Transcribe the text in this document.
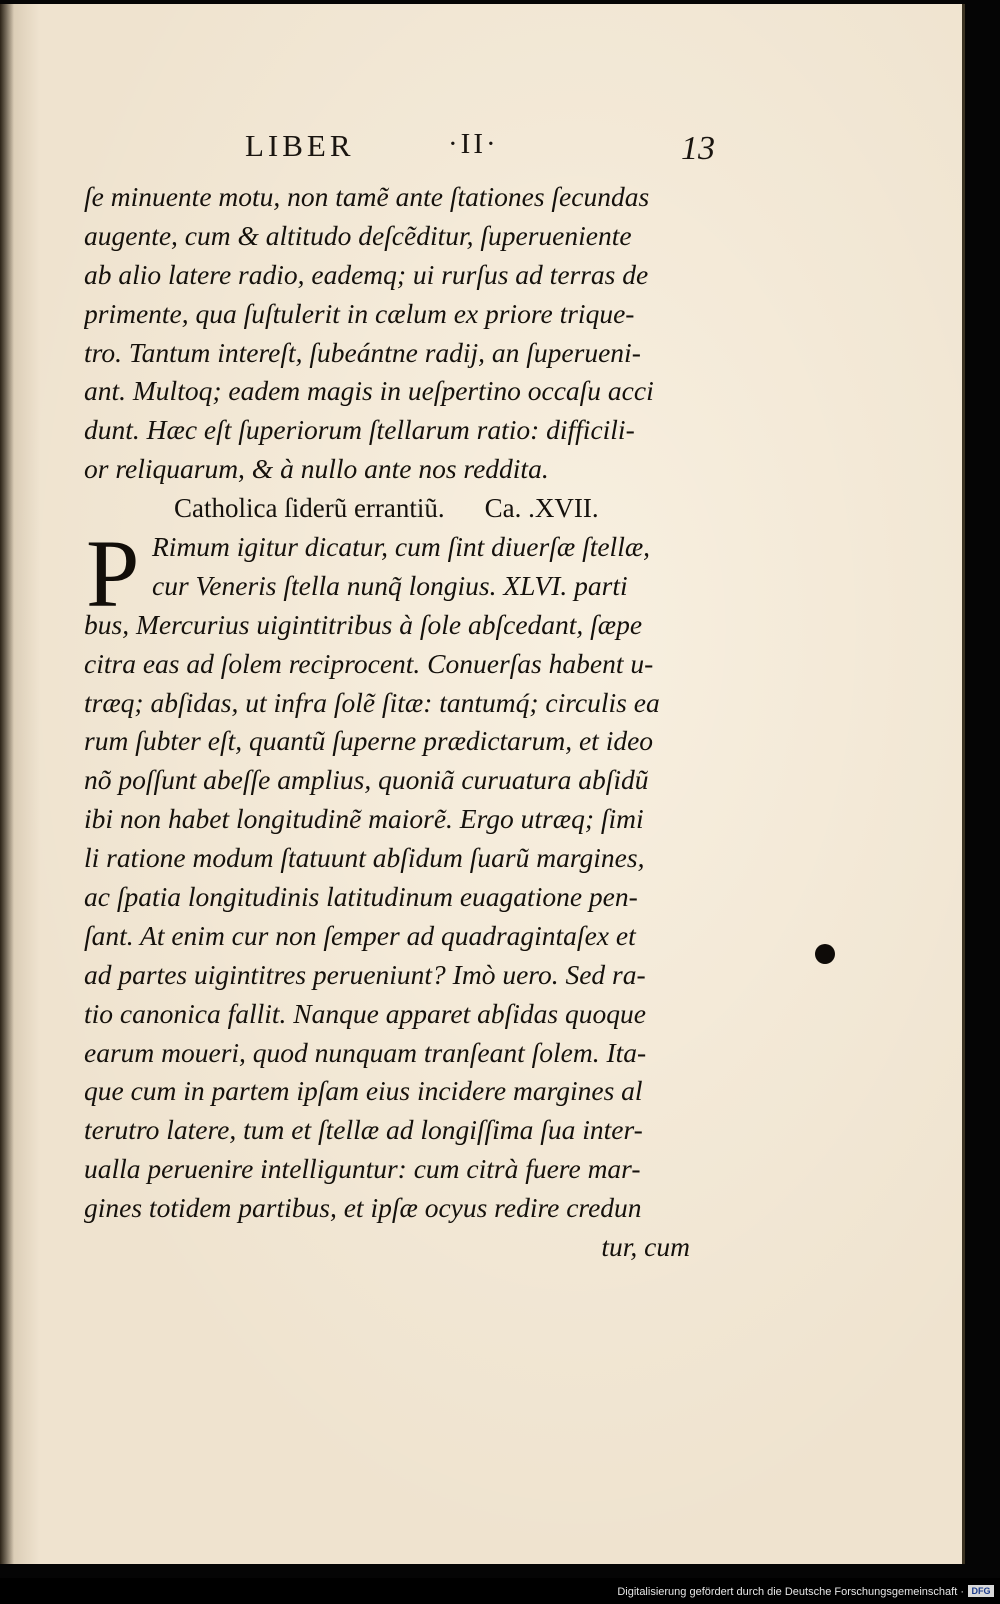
LIBER	·II·	13
P
ſe minuente motu, non tamẽ ante ſtationes ſecundas
augente, cum & altitudo deſcẽditur, ſuperueniente
ab alio latere radio, eademq; ui rurſus ad terras de
primente, qua ſuſtulerit in cælum ex priore trique-
tro. Tantum intereſt, ſubeántne radij, an ſuperueni-
ant. Multoq; eadem magis in ueſpertino occaſu acci
dunt. Hæc eſt ſuperiorum ſtellarum ratio: difficili-
or reliquarum, & à nullo ante nos reddita.
Catholica ſiderũ errantiũ. Ca. .XVII.
Rimum igitur dicatur, cum ſint diuerſæ ſtellæ,
cur Veneris ſtella nunq̃ longius. XLVI. parti
bus, Mercurius uigintitribus à ſole abſcedant, ſæpe
citra eas ad ſolem reciprocent. Conuerſas habent u-
træq; abſidas, ut infra ſolẽ ſitæ: tantumq́; circulis ea
rum ſubter eſt, quantũ ſuperne prædictarum, et ideo
nõ poſſunt abeſſe amplius, quoniã curuatura abſidũ
ibi non habet longitudinẽ maiorẽ. Ergo utræq; ſimi
li ratione modum ſtatuunt abſidum ſuarũ margines,
ac ſpatia longitudinis latitudinum euagatione pen-
ſant. At enim cur non ſemper ad quadragintaſex et
ad partes uigintitres perueniunt? Imò uero. Sed ra-
tio canonica fallit. Nanque apparet abſidas quoque
earum moueri, quod nunquam tranſeant ſolem. Ita-
que cum in partem ipſam eius incidere margines al
terutro latere, tum et ſtellæ ad longiſſima ſua inter-
ualla peruenire intelliguntur: cum citrà fuere mar-
gines totidem partibus, et ipſæ ocyus redire credun
tur, cum
Digitalisierung gefördert durch die Deutsche Forschungsgemeinschaft · DFG
